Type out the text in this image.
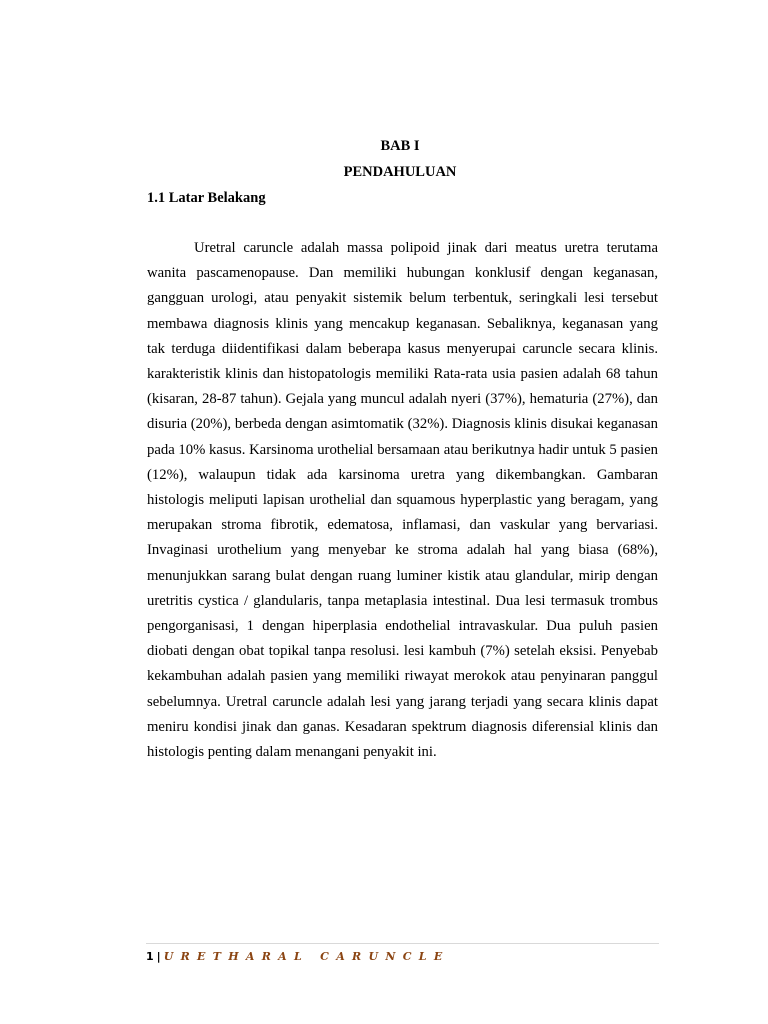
BAB I
PENDAHULUAN
1.1 Latar Belakang

Uretral caruncle adalah massa polipoid jinak dari meatus uretra terutama wanita pascamenopause. Dan memiliki hubungan konklusif dengan keganasan, gangguan urologi, atau penyakit sistemik belum terbentuk, seringkali lesi tersebut membawa diagnosis klinis yang mencakup keganasan. Sebaliknya, keganasan yang tak terduga diidentifikasi dalam beberapa kasus menyerupai caruncle secara klinis. karakteristik klinis dan histopatologis memiliki Rata-rata usia pasien adalah 68 tahun (kisaran, 28-87 tahun). Gejala yang muncul adalah nyeri (37%), hematuria (27%), dan disuria (20%), berbeda dengan asimtomatik (32%). Diagnosis klinis disukai keganasan pada 10% kasus. Karsinoma urothelial bersamaan atau berikutnya hadir untuk 5 pasien (12%), walaupun tidak ada karsinoma uretra yang dikembangkan. Gambaran histologis meliputi lapisan urothelial dan squamous hyperplastic yang beragam, yang merupakan stroma fibrotik, edematosa, inflamasi, dan vaskular yang bervariasi. Invaginasi urothelium yang menyebar ke stroma adalah hal yang biasa (68%), menunjukkan sarang bulat dengan ruang luminer kistik atau glandular, mirip dengan uretritis cystica / glandularis, tanpa metaplasia intestinal. Dua lesi termasuk trombus pengorganisasi, 1 dengan hiperplasia endothelial intravaskular. Dua puluh pasien diobati dengan obat topikal tanpa resolusi. lesi kambuh (7%) setelah eksisi. Penyebab kekambuhan adalah pasien yang memiliki riwayat merokok atau penyinaran panggul sebelumnya. Uretral caruncle adalah lesi yang jarang terjadi yang secara klinis dapat meniru kondisi jinak dan ganas. Kesadaran spektrum diagnosis diferensial klinis dan histologis penting dalam menangani penyakit ini.

1 | URETHARAL CARUNCLE
